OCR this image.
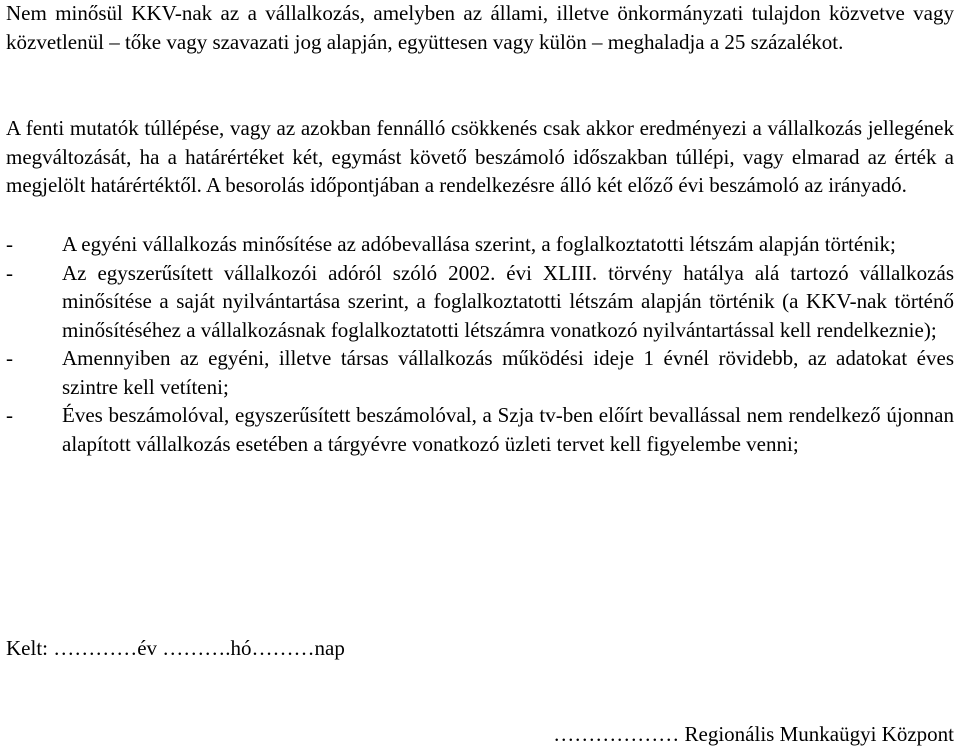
Nem minősül KKV-nak az a vállalkozás, amelyben az állami, illetve önkormányzati tulajdon közvetve vagy közvetlenül – tőke vagy szavazati jog alapján, együttesen vagy külön – meghaladja a 25 százalékot.

A fenti mutatók túllépése, vagy az azokban fennálló csökkenés csak akkor eredményezi a vállalkozás jellegének megváltozását, ha a határértéket két, egymást követő beszámoló időszakban túllépi, vagy elmarad az érték a megjelölt határértéktől. A besorolás időpontjában a rendelkezésre álló két előző évi beszámoló az irányadó.

- A egyéni vállalkozás minősítése az adóbevallása szerint, a foglalkoztatotti létszám alapján történik;
- Az egyszerűsített vállalkozói adóról szóló 2002. évi XLIII. törvény hatálya alá tartozó vállalkozás minősítése a saját nyilvántartása szerint, a foglalkoztatotti létszám alapján történik (a KKV-nak történő minősítéséhez a vállalkozásnak foglalkoztatotti létszámra vonatkozó nyilvántartással kell rendelkeznie);
- Amennyiben az egyéni, illetve társas vállalkozás működési ideje 1 évnél rövidebb, az adatokat éves szintre kell vetíteni;
- Éves beszámolóval, egyszerűsített beszámolóval, a Szja tv-ben előírt bevallással nem rendelkező újonnan alapított vállalkozás esetében a tárgyévre vonatkozó üzleti tervet kell figyelembe venni;
Kelt: …………év ……….hó………nap
……………… Regionális Munkaügyi Központ
